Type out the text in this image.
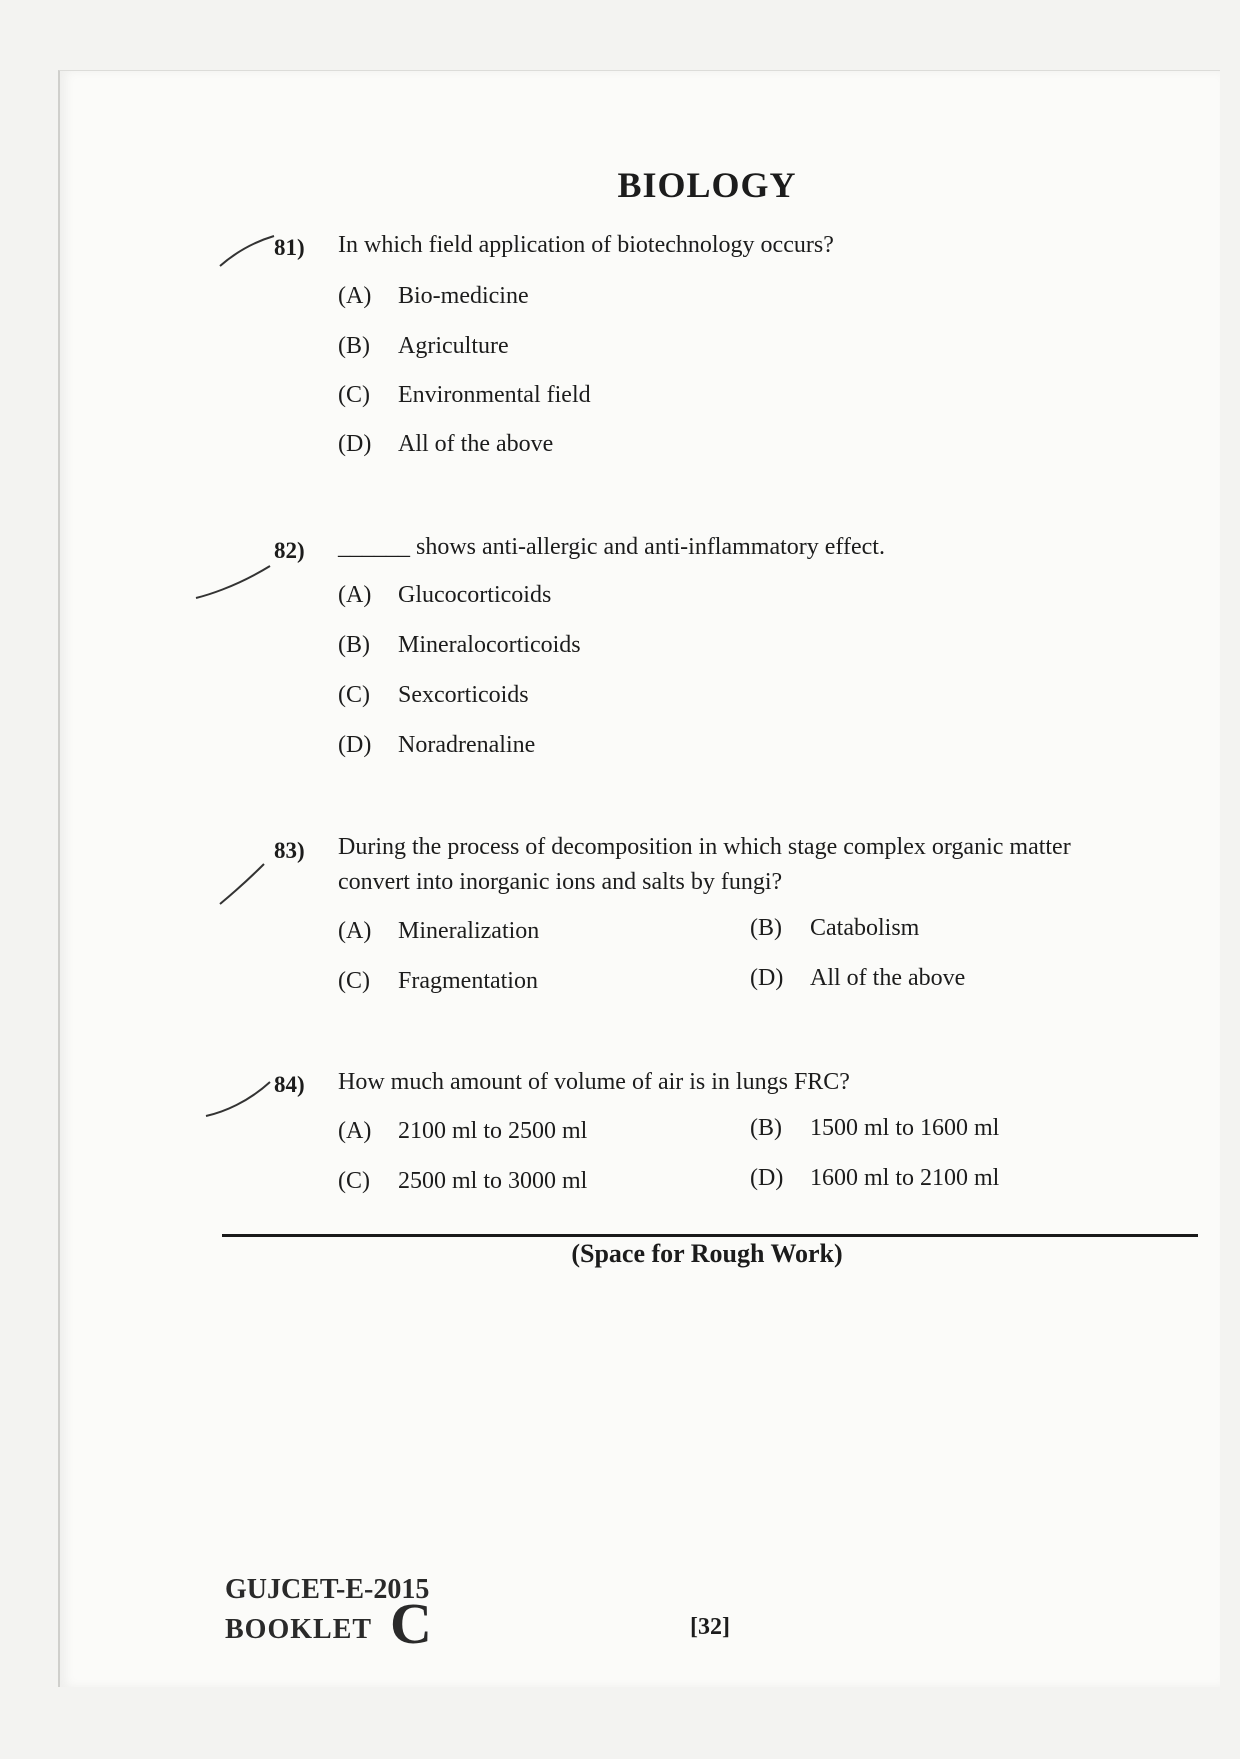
BIOLOGY
81) In which field application of biotechnology occurs?
(A) Bio-medicine
(B) Agriculture
(C) Environmental field
(D) All of the above
82) ______ shows anti-allergic and anti-inflammatory effect.
(A) Glucocorticoids
(B) Mineralocorticoids
(C) Sexcorticoids
(D) Noradrenaline
83) During the process of decomposition in which stage complex organic matter
convert into inorganic ions and salts by fungi?
(A) Mineralization	(B) Catabolism
(C) Fragmentation	(D) All of the above
84) How much amount of volume of air is in lungs FRC?
(A) 2100 ml to 2500 ml	(B) 1500 ml to 1600 ml
(C) 2500 ml to 3000 ml	(D) 1600 ml to 2100 ml
(Space for Rough Work)
GUJCET-E-2015
BOOKLET C	[32]
